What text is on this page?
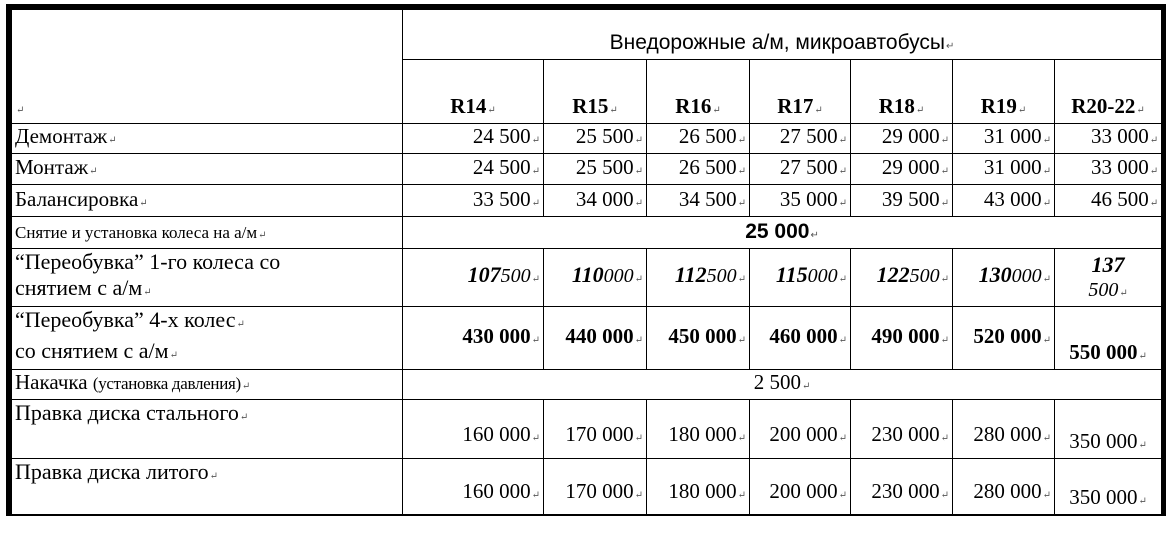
↵	Внедорожные а/м, микроавтобусы↵						
	R14↵	R15↵	R16↵	R17↵	R18↵	R19↵	R20-22↵
Демонтаж↵	24 500↵	25 500↵	26 500↵	27 500↵	29 000↵	31 000↵	33 000↵
Монтаж↵	24 500↵	25 500↵	26 500↵	27 500↵	29 000↵	31 000↵	33 000↵
Балансировка↵	33 500↵	34 000↵	34 500↵	35 000↵	39 500↵	43 000↵	46 500↵
Снятие и установка колеса на а/м↵	25 000↵						
“Переобувка” 1-го колеса со
снятием с а/м↵	107500↵	110000↵	112500↵	115000↵	122500↵	130000↵	137
500↵
“Переобувка” 4-х колес↵
со снятием с а/м↵	430 000↵	440 000↵	450 000↵	460 000↵	490 000↵	520 000↵	550 000↵
Накачка (установка давления)↵	2 500↵						
Правка диска стального↵	160 000↵	170 000↵	180 000↵	200 000↵	230 000↵	280 000↵	350 000↵
Правка диска литого↵	160 000↵	170 000↵	180 000↵	200 000↵	230 000↵	280 000↵	350 000↵
